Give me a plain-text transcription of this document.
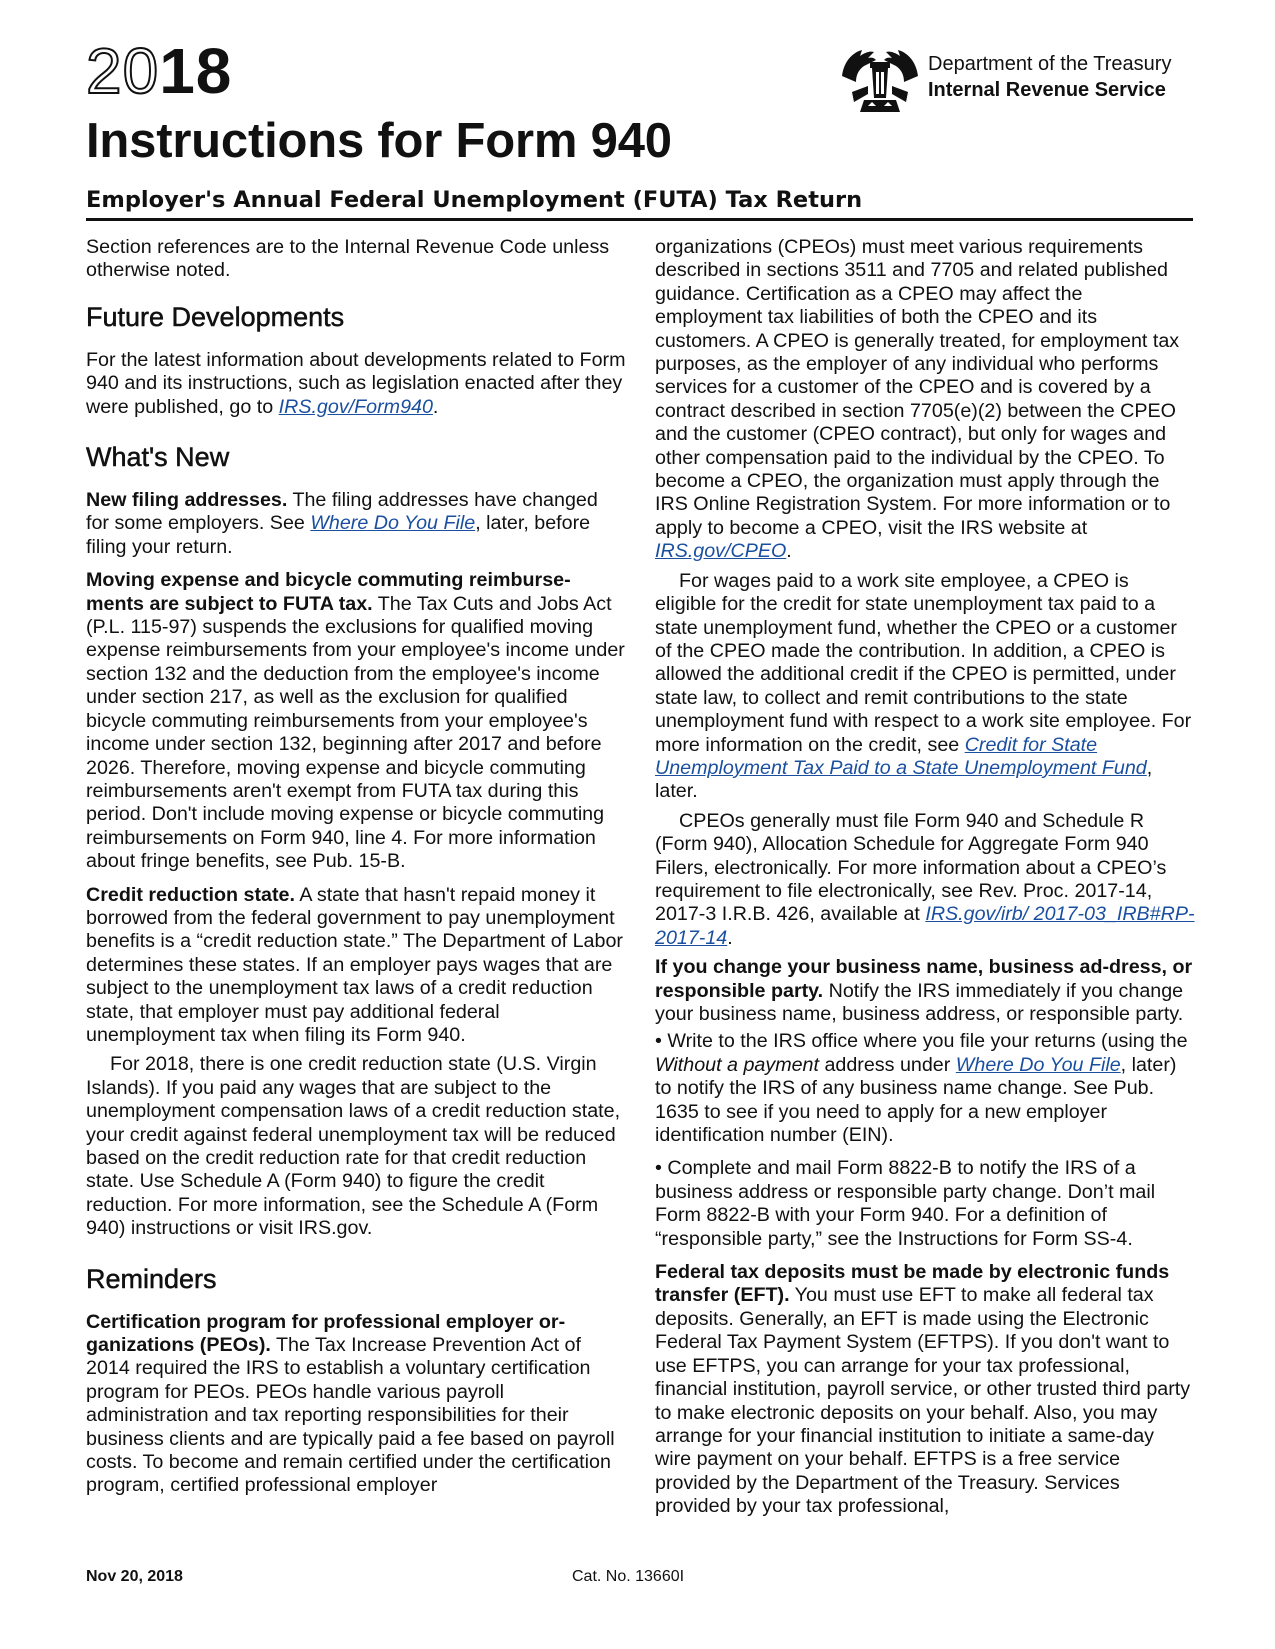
2018
Instructions for Form 940
Employer's Annual Federal Unemployment (FUTA) Tax Return
Department of the Treasury
Internal Revenue Service

Section references are to the Internal Revenue Code unless otherwise noted.

Future Developments

For the latest information about developments related to Form 940 and its instructions, such as legislation enacted after they were published, go to IRS.gov/Form940.

What's New

New filing addresses. The filing addresses have changed for some employers. See Where Do You File, later, before filing your return.

Moving expense and bicycle commuting reimburse-ments are subject to FUTA tax. The Tax Cuts and Jobs Act (P.L. 115-97) suspends the exclusions for qualified moving expense reimbursements from your employee's income under section 132 and the deduction from the employee's income under section 217, as well as the exclusion for qualified bicycle commuting reimbursements from your employee's income under section 132, beginning after 2017 and before 2026. Therefore, moving expense and bicycle commuting reimbursements aren't exempt from FUTA tax during this period. Don't include moving expense or bicycle commuting reimbursements on Form 940, line 4. For more information about fringe benefits, see Pub. 15-B.

Credit reduction state. A state that hasn't repaid money it borrowed from the federal government to pay unemployment benefits is a “credit reduction state.” The Department of Labor determines these states. If an employer pays wages that are subject to the unemployment tax laws of a credit reduction state, that employer must pay additional federal unemployment tax when filing its Form 940.

For 2018, there is one credit reduction state (U.S. Virgin Islands). If you paid any wages that are subject to the unemployment compensation laws of a credit reduction state, your credit against federal unemployment tax will be reduced based on the credit reduction rate for that credit reduction state. Use Schedule A (Form 940) to figure the credit reduction. For more information, see the Schedule A (Form 940) instructions or visit IRS.gov.

Reminders

Certification program for professional employer or-ganizations (PEOs). The Tax Increase Prevention Act of 2014 required the IRS to establish a voluntary certification program for PEOs. PEOs handle various payroll administration and tax reporting responsibilities for their business clients and are typically paid a fee based on payroll costs. To become and remain certified under the certification program, certified professional employer

organizations (CPEOs) must meet various requirements described in sections 3511 and 7705 and related published guidance. Certification as a CPEO may affect the employment tax liabilities of both the CPEO and its customers. A CPEO is generally treated, for employment tax purposes, as the employer of any individual who performs services for a customer of the CPEO and is covered by a contract described in section 7705(e)(2) between the CPEO and the customer (CPEO contract), but only for wages and other compensation paid to the individual by the CPEO. To become a CPEO, the organization must apply through the IRS Online Registration System. For more information or to apply to become a CPEO, visit the IRS website at IRS.gov/CPEO.

For wages paid to a work site employee, a CPEO is eligible for the credit for state unemployment tax paid to a state unemployment fund, whether the CPEO or a customer of the CPEO made the contribution. In addition, a CPEO is allowed the additional credit if the CPEO is permitted, under state law, to collect and remit contributions to the state unemployment fund with respect to a work site employee. For more information on the credit, see Credit for State Unemployment Tax Paid to a State Unemployment Fund, later.

CPEOs generally must file Form 940 and Schedule R (Form 940), Allocation Schedule for Aggregate Form 940 Filers, electronically. For more information about a CPEO’s requirement to file electronically, see Rev. Proc. 2017-14, 2017-3 I.R.B. 426, available at IRS.gov/irb/ 2017-03_IRB#RP-2017-14.

If you change your business name, business ad-dress, or responsible party. Notify the IRS immediately if you change your business name, business address, or responsible party.

• Write to the IRS office where you file your returns (using the Without a payment address under Where Do You File, later) to notify the IRS of any business name change. See Pub. 1635 to see if you need to apply for a new employer identification number (EIN).

• Complete and mail Form 8822-B to notify the IRS of a business address or responsible party change. Don’t mail Form 8822-B with your Form 940. For a definition of “responsible party,” see the Instructions for Form SS-4.

Federal tax deposits must be made by electronic funds transfer (EFT). You must use EFT to make all federal tax deposits. Generally, an EFT is made using the Electronic Federal Tax Payment System (EFTPS). If you don't want to use EFTPS, you can arrange for your tax professional, financial institution, payroll service, or other trusted third party to make electronic deposits on your behalf. Also, you may arrange for your financial institution to initiate a same-day wire payment on your behalf. EFTPS is a free service provided by the Department of the Treasury. Services provided by your tax professional,

Nov 20, 2018	Cat. No. 13660I
